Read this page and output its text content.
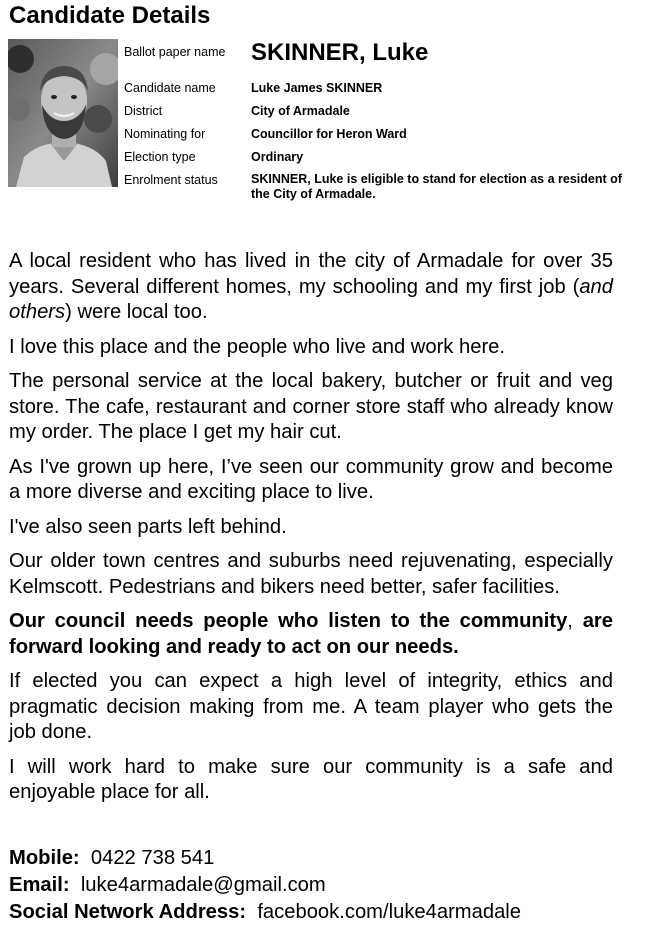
Candidate Details
Ballot paper name	SKINNER, Luke
Candidate name	Luke James SKINNER
District	City of Armadale
Nominating for	Councillor for Heron Ward
Election type	Ordinary
Enrolment status	SKINNER, Luke is eligible to stand for election as a resident of the City of Armadale.

A local resident who has lived in the city of Armadale for over 35 years. Several different homes, my schooling and my first job (and others) were local too.

I love this place and the people who live and work here.

The personal service at the local bakery, butcher or fruit and veg store. The cafe, restaurant and corner store staff who already know my order. The place I get my hair cut.

As I've grown up here, I’ve seen our community grow and become a more diverse and exciting place to live.

I've also seen parts left behind.

Our older town centres and suburbs need rejuvenating, especially Kelmscott. Pedestrians and bikers need better, safer facilities.

Our council needs people who listen to the community, are forward looking and ready to act on our needs.

If elected you can expect a high level of integrity, ethics and pragmatic decision making from me. A team player who gets the job done.

I will work hard to make sure our community is a safe and enjoyable place for all.

Mobile: 0422 738 541
Email: luke4armadale@gmail.com
Social Network Address: facebook.com/luke4armadale
